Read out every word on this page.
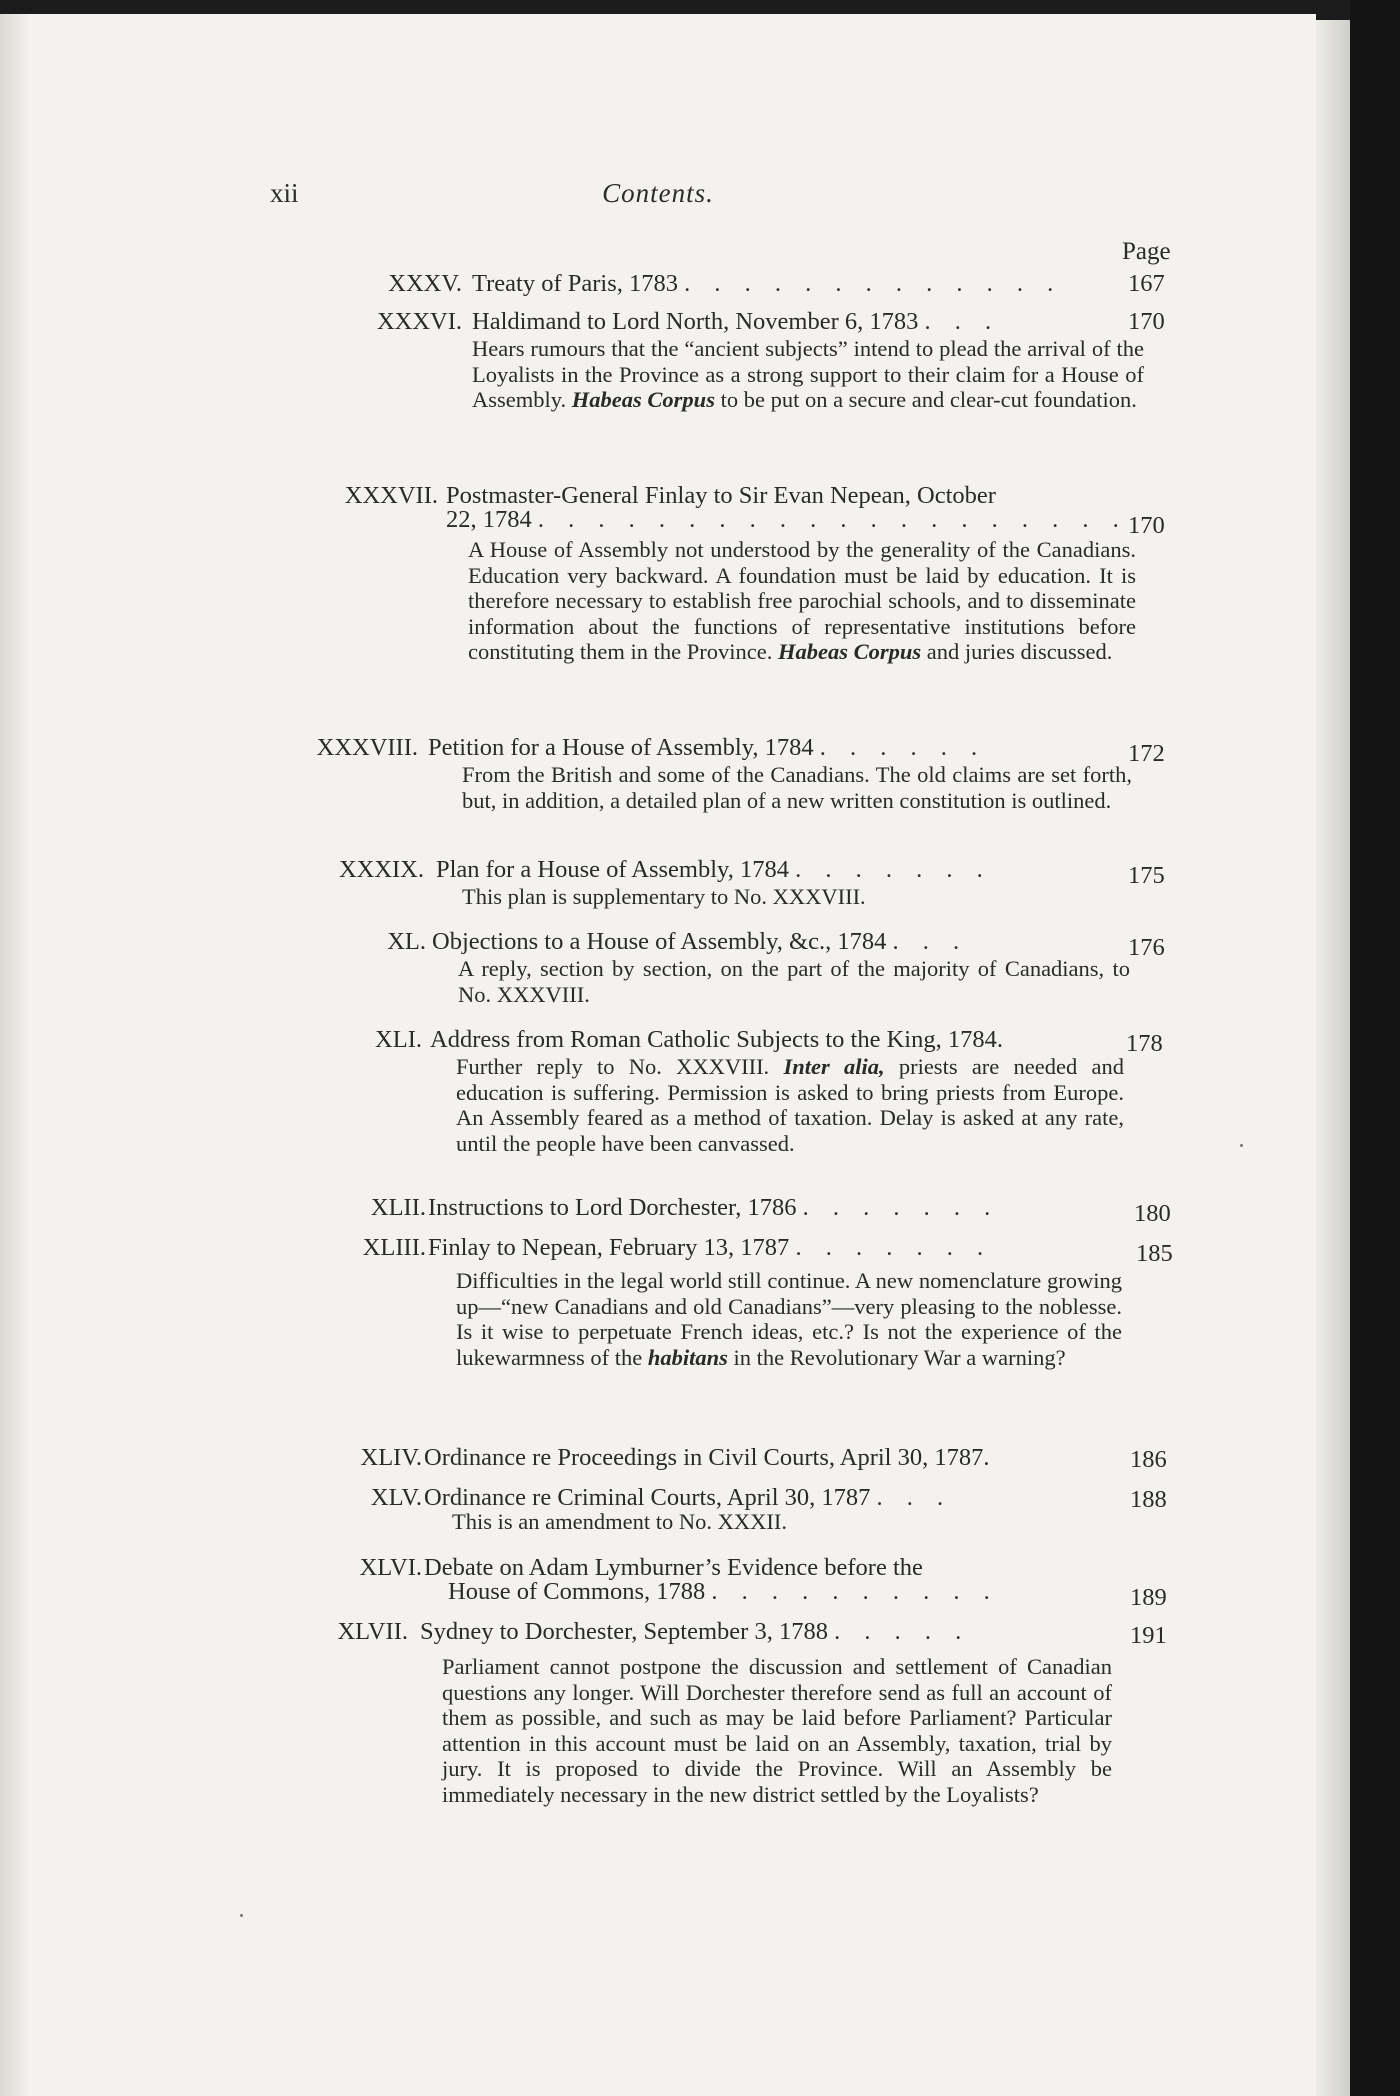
xii	Contents.
Page
XXXV. Treaty of Paris, 1783 . . . . . . . . . . . . .	167
XXXVI. Haldimand to Lord North, November 6, 1783 . . .	170
Hears rumours that the “ancient subjects” intend to plead the arrival of the Loyalists in the Province as a strong support to their claim for a House of Assembly. Habeas Corpus to be put on a secure and clear-cut foundation.
XXXVII. Postmaster-General Finlay to Sir Evan Nepean, October
22, 1784 . . . . . . . . . . . . . . . . . . . . 170
A House of Assembly not understood by the generality of the Canadians. Education very backward. A foundation must be laid by education. It is therefore necessary to establish free parochial schools, and to disseminate information about the functions of representative institutions before constituting them in the Province. Habeas Corpus and juries discussed.
XXXVIII. Petition for a House of Assembly, 1784 . . . . . .	172
From the British and some of the Canadians. The old claims are set forth, but, in addition, a detailed plan of a new written constitution is outlined.
XXXIX. Plan for a House of Assembly, 1784 . . . . . . .	175
This plan is supplementary to No. XXXVIII.
XL. Objections to a House of Assembly, &c., 1784 . . .	176
A reply, section by section, on the part of the majority of Canadians, to No. XXXVIII.
XLI. Address from Roman Catholic Subjects to the King, 1784.	178
Further reply to No. XXXVIII. Inter alia, priests are needed and education is suffering. Permission is asked to bring priests from Europe. An Assembly feared as a method of taxation. Delay is asked at any rate, until the people have been canvassed.
XLII. Instructions to Lord Dorchester, 1786 . . . . . . .	180
XLIII. Finlay to Nepean, February 13, 1787 . . . . . . .	185
Difficulties in the legal world still continue. A new nomenclature growing up—“new Canadians and old Canadians”—very pleasing to the noblesse. Is it wise to perpetuate French ideas, etc.? Is not the experience of the lukewarmness of the habitans in the Revolutionary War a warning?
XLIV. Ordinance re Proceedings in Civil Courts, April 30, 1787.	186
XLV. Ordinance re Criminal Courts, April 30, 1787 . . .	188
This is an amendment to No. XXXII.
XLVI. Debate on Adam Lymburner’s Evidence before the
House of Commons, 1788 . . . . . . . . . .	189
XLVII. Sydney to Dorchester, September 3, 1788 . . . . .	191
Parliament cannot postpone the discussion and settlement of Canadian questions any longer. Will Dorchester therefore send as full an account of them as possible, and such as may be laid before Parliament? Particular attention in this account must be laid on an Assembly, taxation, trial by jury. It is proposed to divide the Province. Will an Assembly be immediately necessary in the new district settled by the Loyalists?
